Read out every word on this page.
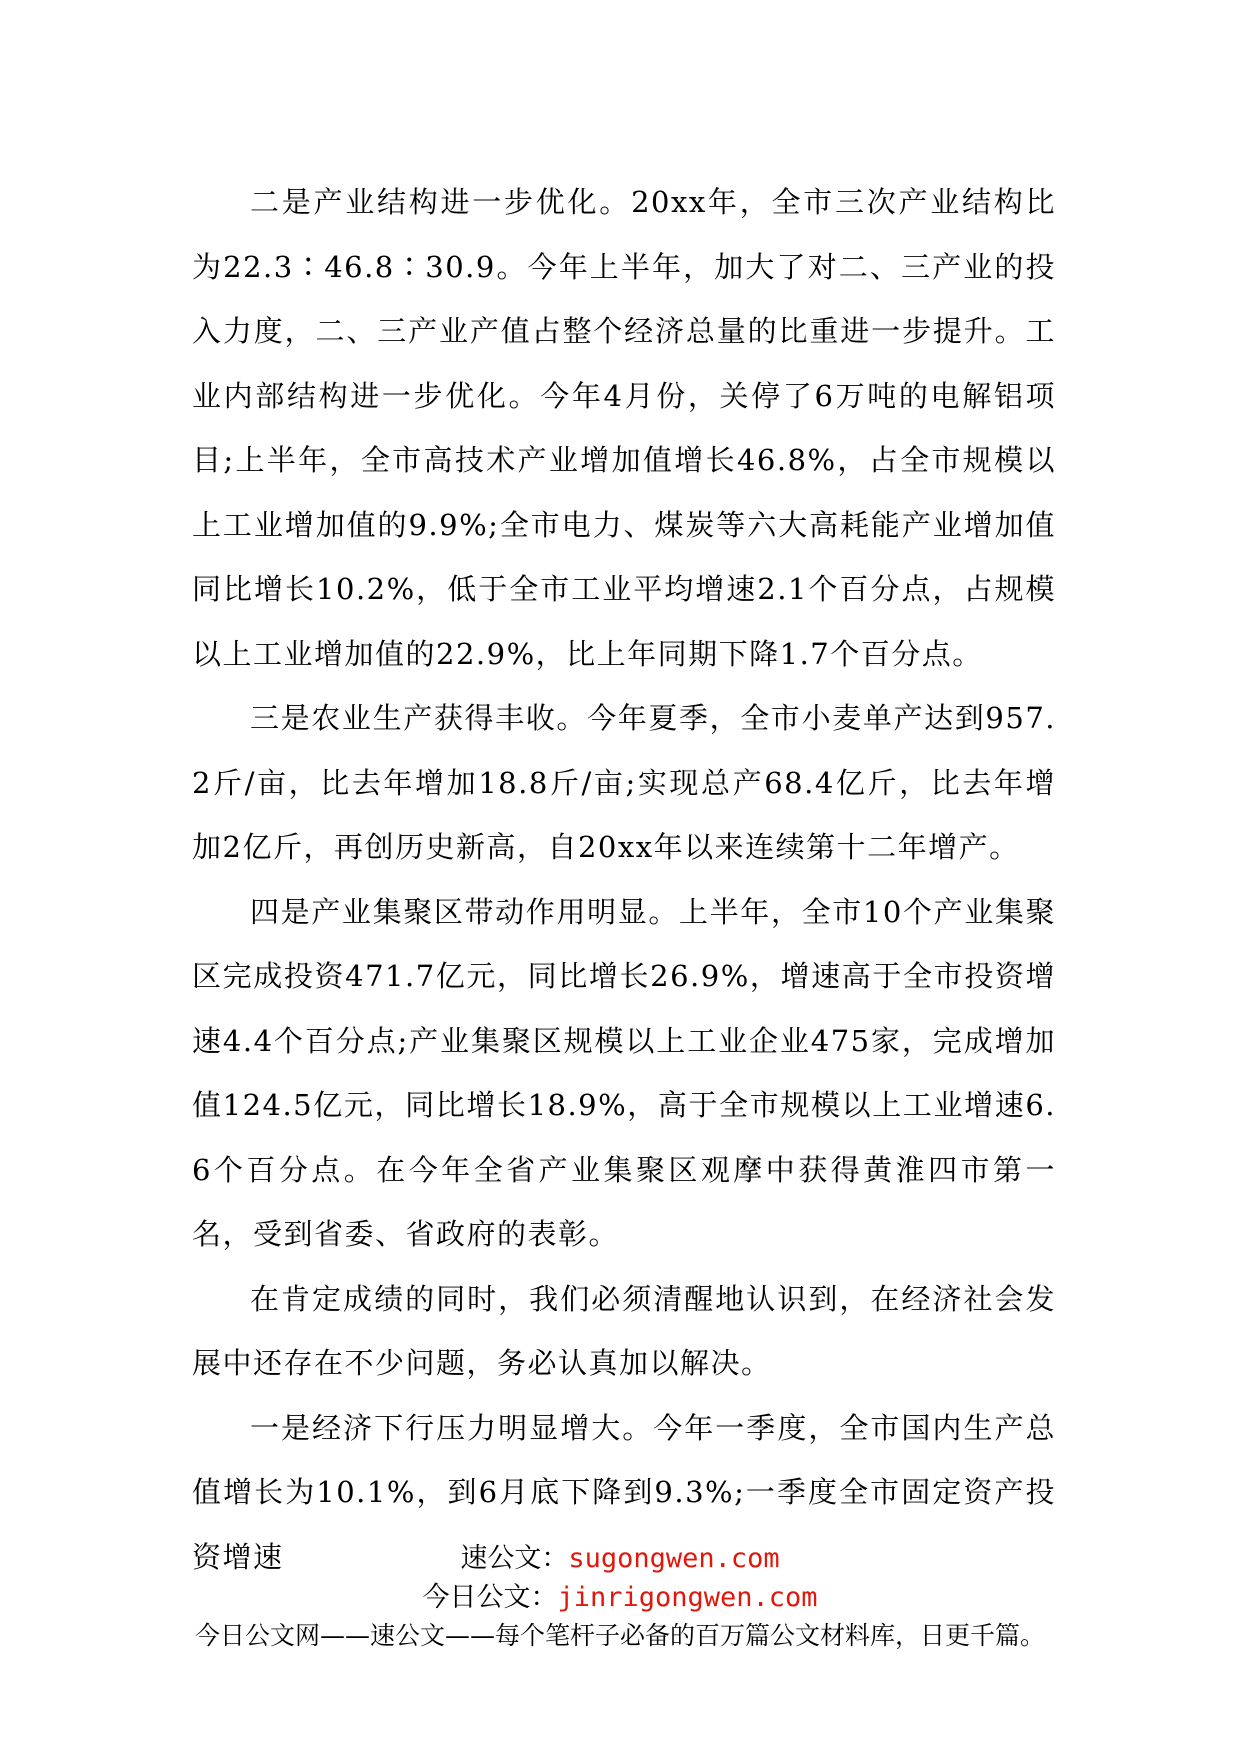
二是产业结构进一步优化。20xx年，全市三次产业结构比为22.3∶46.8∶30.9。今年上半年，加大了对二、三产业的投入力度，二、三产业产值占整个经济总量的比重进一步提升。工业内部结构进一步优化。今年4月份，关停了6万吨的电解铝项目;上半年，全市高技术产业增加值增长46.8%，占全市规模以上工业增加值的9.9%;全市电力、煤炭等六大高耗能产业增加值同比增长10.2%，低于全市工业平均增速2.1个百分点，占规模以上工业增加值的22.9%，比上年同期下降1.7个百分点。

三是农业生产获得丰收。今年夏季，全市小麦单产达到957.2斤/亩，比去年增加18.8斤/亩;实现总产68.4亿斤，比去年增加2亿斤，再创历史新高，自20xx年以来连续第十二年增产。

四是产业集聚区带动作用明显。上半年，全市10个产业集聚区完成投资471.7亿元，同比增长26.9%，增速高于全市投资增速4.4个百分点;产业集聚区规模以上工业企业475家，完成增加值124.5亿元，同比增长18.9%，高于全市规模以上工业增速6.6个百分点。在今年全省产业集聚区观摩中获得黄淮四市第一名，受到省委、省政府的表彰。

在肯定成绩的同时，我们必须清醒地认识到，在经济社会发展中还存在不少问题，务必认真加以解决。

一是经济下行压力明显增大。今年一季度，全市国内生产总值增长为10.1%，到6月底下降到9.3%;一季度全市固定资产投资增速	速公文：sugongwen.com
今日公文：jinrigongwen.com
今日公文网——速公文——每个笔杆子必备的百万篇公文材料库，日更千篇。
